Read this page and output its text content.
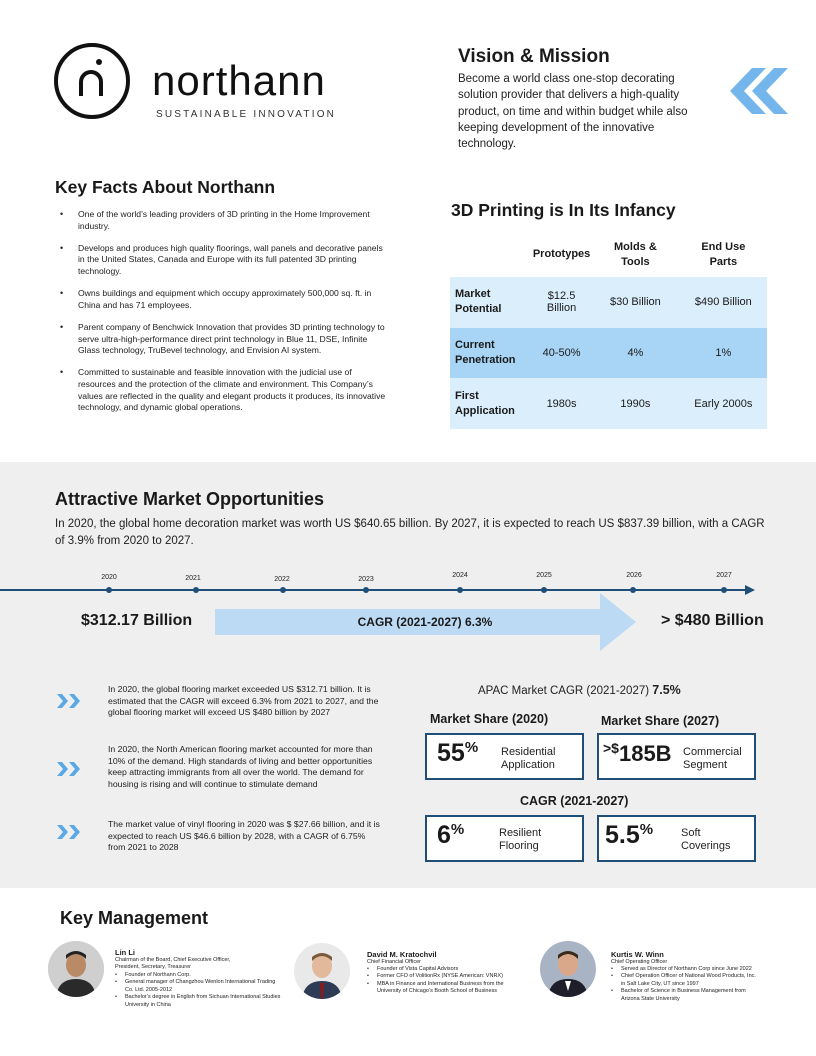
northann
SUSTAINABLE INNOVATION
Vision & Mission
Become a world class one-stop decorating solution provider that delivers a high-quality product, on time and within budget while also keeping development of the innovative technology.
Key Facts About Northann
• One of the world’s leading providers of 3D printing in the Home Improvement industry.
• Develops and produces high quality floorings, wall panels and decorative panels in the United States, Canada and Europe with its full patented 3D printing technology.
• Owns buildings and equipment which occupy approximately 500,000 sq. ft. in China and has 71 employees.
• Parent company of Benchwick Innovation that provides 3D printing technology to serve ultra-high-performance direct print technology in Blue 11, DSE, Infinite Glass technology, TruBevel technology, and Envision AI system.
• Committed to sustainable and feasible innovation with the judicial use of resources and the protection of the climate and environment. This Company’s values are reflected in the quality and elegant products it produces, its innovative technology, and dynamic global operations.
3D Printing is In Its Infancy
	Prototypes	Molds & Tools	End Use Parts
Market Potential	$12.5 Billion	$30 Billion	$490 Billion
Current Penetration	40-50%	4%	1%
First Application	1980s	1990s	Early 2000s
Attractive Market Opportunities
In 2020, the global home decoration market was worth US $640.65 billion. By 2027, it is expected to reach US $837.39 billion, with a CAGR of 3.9% from 2020 to 2027.
2020	2021	2022	2023
2024	2025	2026	2027
CAGR (2021-2027) 6.3%
$312.17 Billion	> $480 Billion
In 2020, the global flooring market exceeded US $312.71 billion. It is estimated that the CAGR will exceed 6.3% from 2021 to 2027, and the global flooring market will exceed US $480 billion by 2027
In 2020, the North American flooring market accounted for more than 10% of the demand. High standards of living and better opportunities keep attracting immigrants from all over the world. The demand for housing is rising and will continue to stimulate demand
The market value of vinyl flooring in 2020 was $ $27.66 billion, and it is expected to reach US $46.6 billion by 2028, with a CAGR of 6.75% from 2021 to 2028
APAC Market CAGR (2021-2027) 7.5%
Market Share (2020)	Market Share (2027)
55% Residential
Application
>$185B Commercial
Segment
CAGR (2021-2027)
6%	Resilient
Flooring	5.5%	Soft
Coverings
Key Management
Lin Li
Chairman of the Board, Chief Executive Officer,
President, Secretary, Treasurer
• Founder of Northann Corp.
• General manager of Changzhou Wenlon International Trading Co. Ltd. 2005-2012
• Bachelor’s degree in English from Sichuan International Studies University in China
David M. Kratochvil
Chief Financial Officer
• Founder of Vista Capital Advisors
• Former CFO of VolitionRx (NYSE American: VNRX)
• MBA in Finance and International Business from the University of Chicago’s Booth School of Business
Kurtis W. Winn
Chief Operating Officer
• Served as Director of Northann Corp since June 2022
• Chief Operation Officer of National Wood Products, Inc. in Salt Lake City, UT since 1997
• Bachelor of Science in Business Management from Arizona State University
